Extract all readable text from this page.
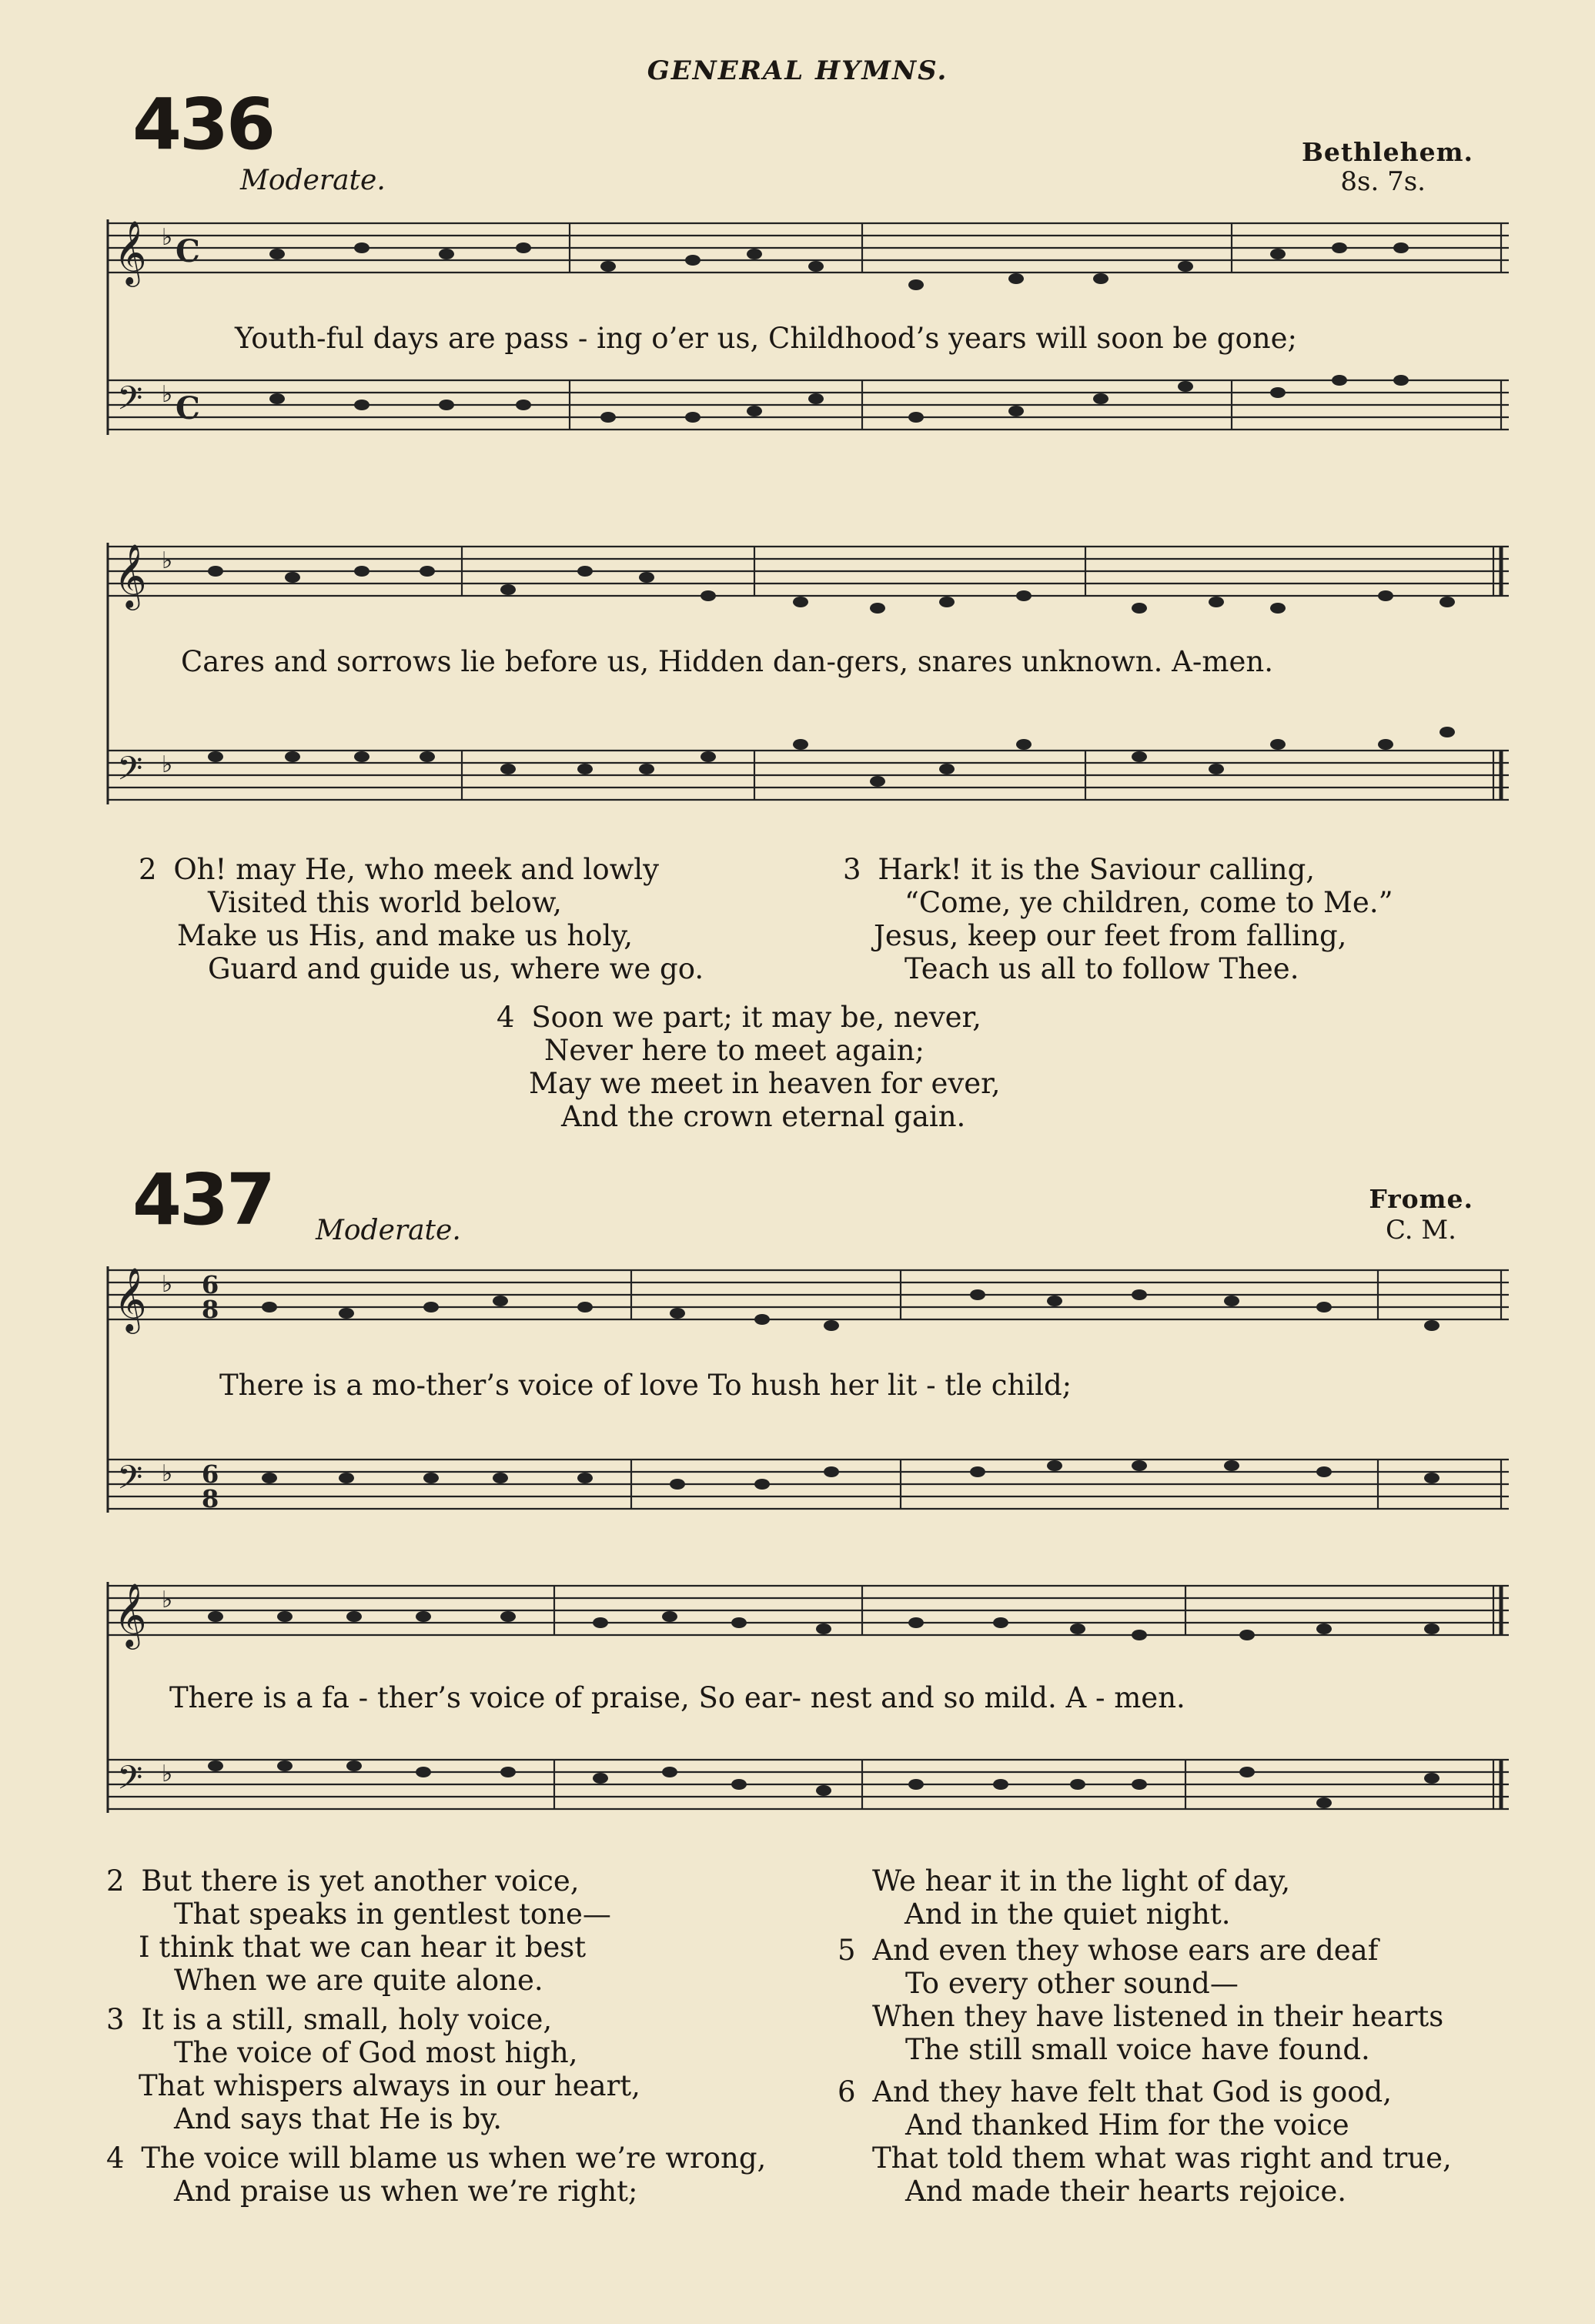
GENERAL HYMNS.
436
Moderate.
Bethlehem.
8s. 7s.
𝄞
𝄢
♭ C
♭ C
Youth-ful days are pass - ing o’er us, Childhood’s years will soon be gone;
𝄞
𝄢
♭
♭
Cares and sorrows lie before us, Hidden dan-gers, snares unknown. A-men.
2 Oh! may He, who meek and lowly
Visited this world below,
Make us His, and make us holy,
Guard and guide us, where we go.
3 Hark! it is the Saviour calling,
“Come, ye children, come to Me.”
Jesus, keep our feet from falling,
Teach us all to follow Thee.
4 Soon we part; it may be, never,
Never here to meet again;
May we meet in heaven for ever,
And the crown eternal gain.
437 Moderate.
Frome.
C. M.
𝄞
𝄢
♭
♭
6
8
6
8
There is a mo-ther’s voice of love To hush her lit - tle child;
𝄞
𝄢
♭
♭
There is a fa - ther’s voice of praise, So ear- nest and so mild. A - men.
2 But there is yet another voice,
That speaks in gentlest tone—
I think that we can hear it best
When we are quite alone.
3 It is a still, small, holy voice,
The voice of God most high,
That whispers always in our heart,
And says that He is by.
4 The voice will blame us when we’re wrong,
And praise us when we’re right;
We hear it in the light of day,
And in the quiet night.
5 And even they whose ears are deaf
To every other sound—
When they have listened in their hearts
The still small voice have found.
6 And they have felt that God is good,
And thanked Him for the voice
That told them what was right and true,
And made their hearts rejoice.
